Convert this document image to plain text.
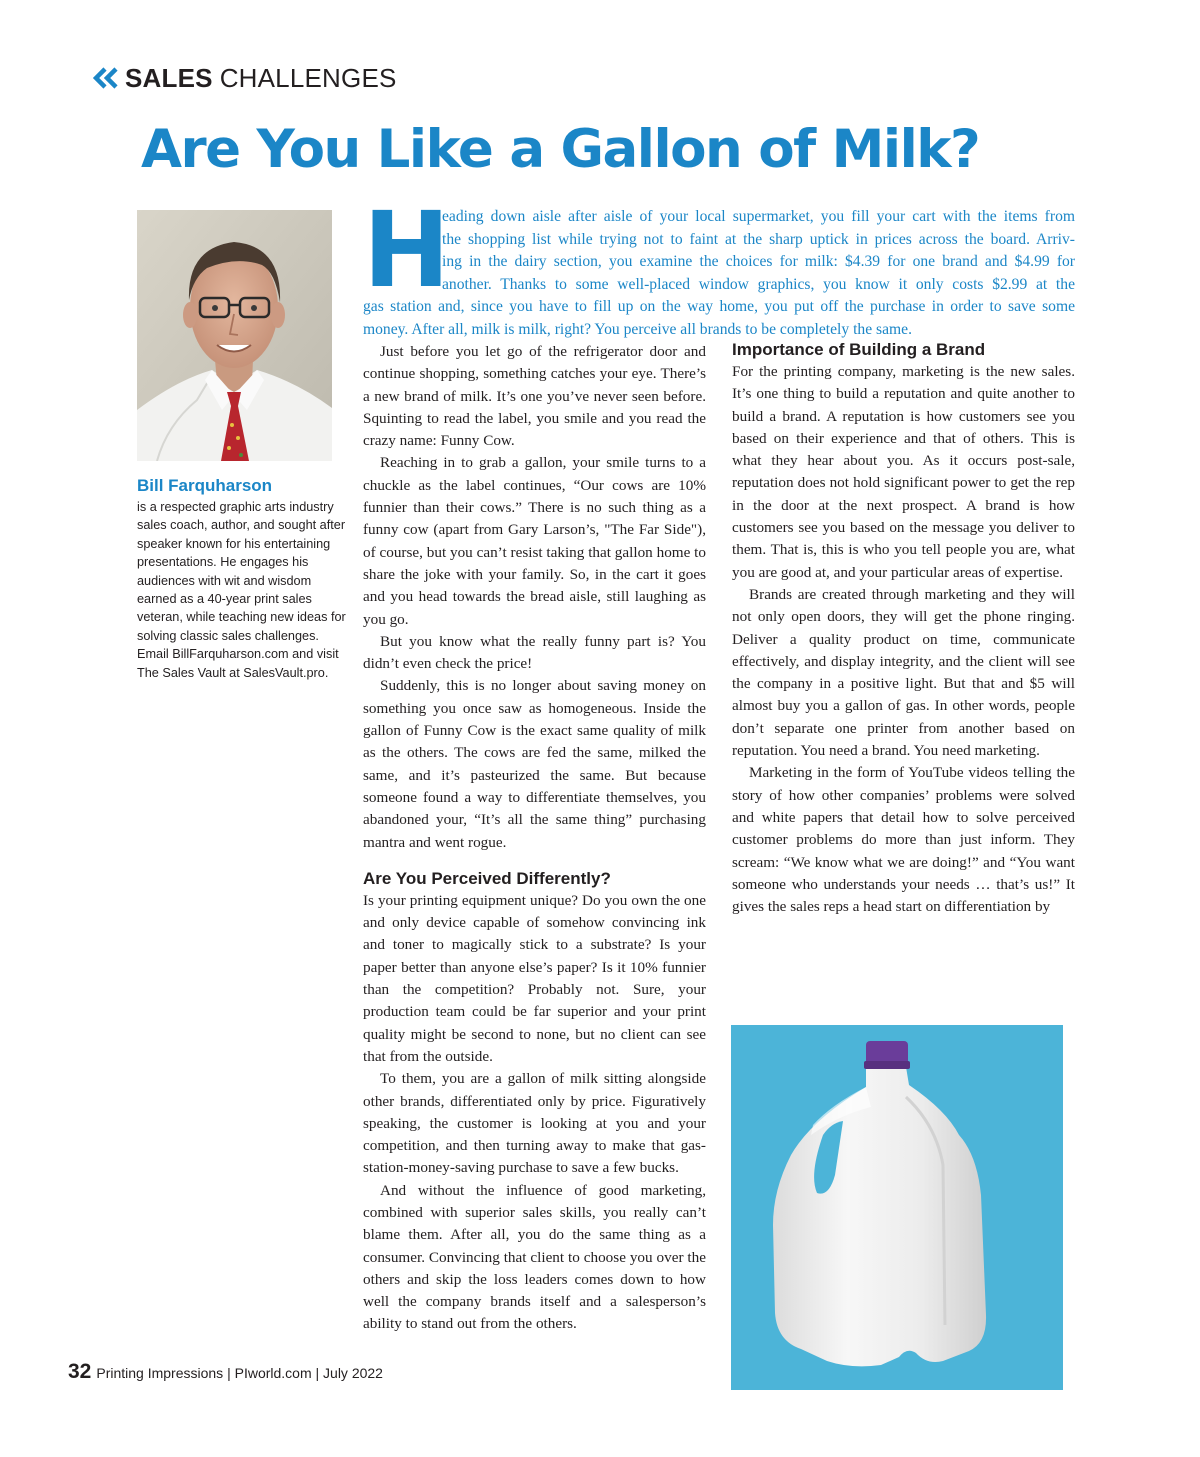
SALES CHALLENGES
Are You Like a Gallon of Milk?
Bill Farquharson
is a respected graphic arts industry sales coach, author, and sought after speaker known for his entertaining presentations. He engages his audiences with wit and wisdom earned as a 40-year print sales veteran, while teaching new ideas for solving classic sales challenges. Email BillFarquharson.com and visit The Sales Vault at SalesVault.pro.
H
eading down aisle after aisle of your local supermarket, you fill your cart with the items from
the shopping list while trying not to faint at the sharp uptick in prices across the board. Arriv-
ing in the dairy section, you examine the choices for milk: $4.39 for one brand and $4.99 for
another. Thanks to some well-placed window graphics, you know it only costs $2.99 at the
gas station and, since you have to fill up on the way home, you put off the purchase in order to save some
money. After all, milk is milk, right? You perceive all brands to be completely the same.

Just before you let go of the refrigerator door and continue shopping, something catches your eye. There’s a new brand of milk. It’s one you’ve never seen before. Squinting to read the label, you smile and you read the crazy name: Funny Cow.

Reaching in to grab a gallon, your smile turns to a chuckle as the label continues, “Our cows are 10% funnier than their cows.” There is no such thing as a funny cow (apart from Gary Larson’s, "The Far Side"), of course, but you can’t resist taking that gallon home to share the joke with your family. So, in the cart it goes and you head towards the bread aisle, still laughing as you go.

But you know what the really funny part is? You didn’t even check the price!

Suddenly, this is no longer about saving money on something you once saw as homogeneous. Inside the gallon of Funny Cow is the exact same quality of milk as the others. The cows are fed the same, milked the same, and it’s pasteurized the same. But because someone found a way to differentiate themselves, you abandoned your, “It’s all the same thing” purchasing mantra and went rogue.

Are You Perceived Differently?

Is your printing equipment unique? Do you own the one and only device capable of somehow convincing ink and toner to magically stick to a substrate? Is your paper better than anyone else’s paper? Is it 10% funnier than the competition? Probably not. Sure, your production team could be far superior and your print quality might be second to none, but no client can see that from the outside.

To them, you are a gallon of milk sitting alongside other brands, differentiated only by price. Figuratively speaking, the customer is looking at you and your competition, and then turning away to make that gas-station-money-saving purchase to save a few bucks.

And without the influence of good marketing, combined with superior sales skills, you really can’t blame them. After all, you do the same thing as a consumer. Convincing that client to choose you over the others and skip the loss leaders comes down to how well the company brands itself and a salesperson’s ability to stand out from the others.

Importance of Building a Brand

For the printing company, marketing is the new sales. It’s one thing to build a reputation and quite another to build a brand. A reputation is how customers see you based on their experience and that of others. This is what they hear about you. As it occurs post-sale, reputation does not hold significant power to get the rep in the door at the next prospect. A brand is how customers see you based on the message you deliver to them. That is, this is who you tell people you are, what you are good at, and your particular areas of expertise.

Brands are created through marketing and they will not only open doors, they will get the phone ringing. Deliver a quality product on time, communicate effectively, and display integrity, and the client will see the company in a positive light. But that and $5 will almost buy you a gallon of gas. In other words, people don’t separate one printer from another based on reputation. You need a brand. You need marketing.

Marketing in the form of YouTube videos telling the story of how other companies’ problems were solved and white papers that detail how to solve perceived customer problems do more than just inform. They scream: “We know what we are doing!” and “You want someone who understands your needs … that’s us!” It gives the sales reps a head start on differentiation by

32 Printing Impressions | PIworld.com | July 2022
